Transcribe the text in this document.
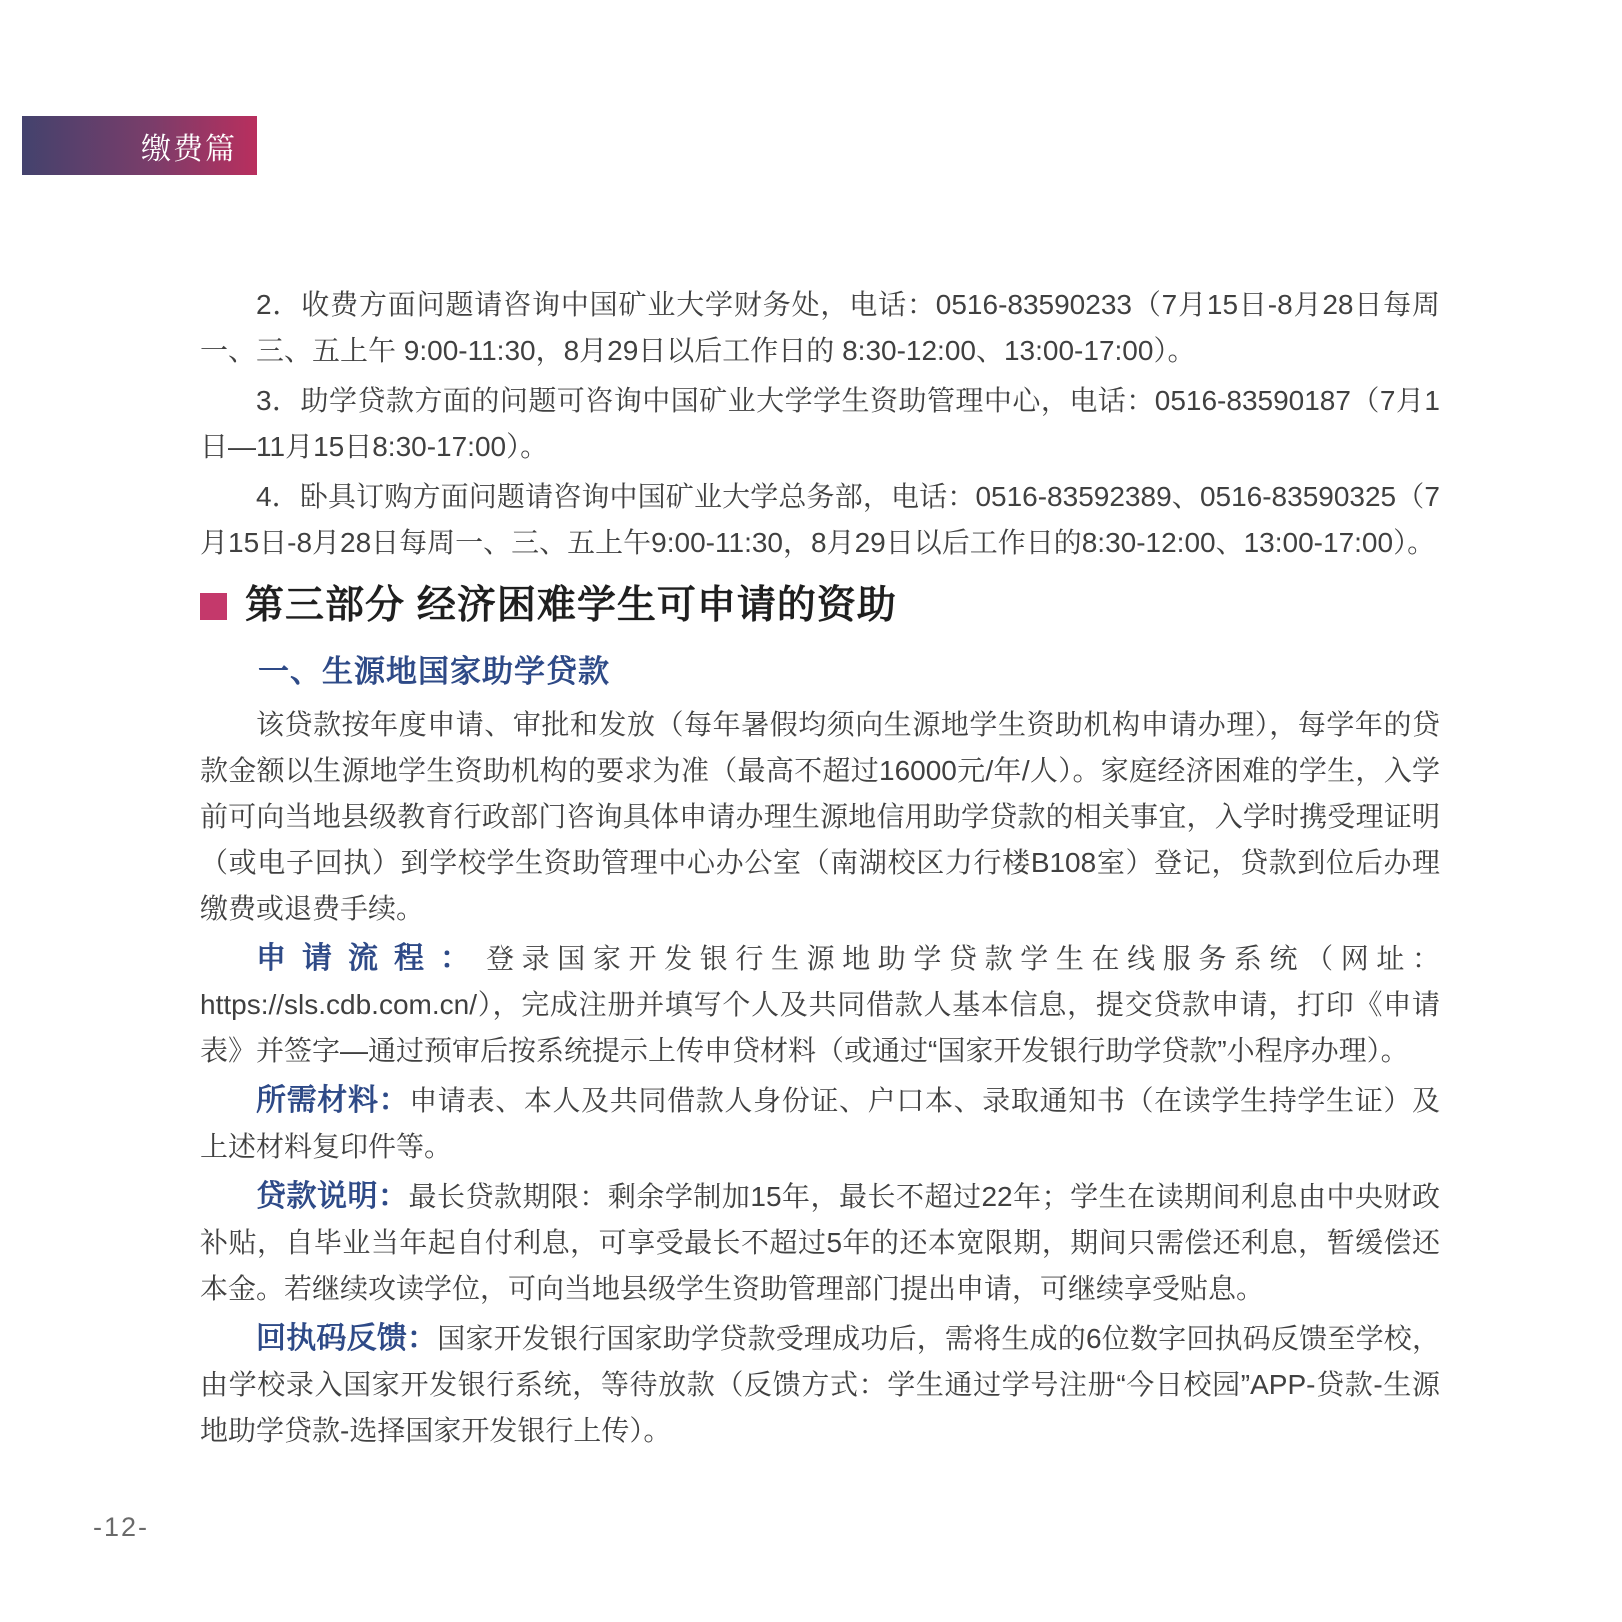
缴费篇

2．收费方面问题请咨询中国矿业大学财务处，电话：0516-83590233（7月15日-8月28日每周一、三、五上午 9:00-11:30，8月29日以后工作日的 8:30-12:00、13:00-17:00）。

3．助学贷款方面的问题可咨询中国矿业大学学生资助管理中心，电话：0516-83590187（7月1日—11月15日8:30-17:00）。

4．卧具订购方面问题请咨询中国矿业大学总务部，电话：0516-83592389、0516-83590325（7月15日-8月28日每周一、三、五上午9:00-11:30，8月29日以后工作日的8:30-12:00、13:00-17:00）。

第三部分 经济困难学生可申请的资助
一、生源地国家助学贷款

该贷款按年度申请、审批和发放（每年暑假均须向生源地学生资助机构申请办理），每学年的贷款金额以生源地学生资助机构的要求为准（最高不超过16000元/年/人）。家庭经济困难的学生，入学前可向当地县级教育行政部门咨询具体申请办理生源地信用助学贷款的相关事宜，入学时携受理证明（或电子回执）到学校学生资助管理中心办公室（南湖校区力行楼B108室）登记，贷款到位后办理缴费或退费手续。

申请流程：登录国家开发银行生源地助学贷款学生在线服务系统（网址：https://sls.cdb.com.cn/），完成注册并填写个人及共同借款人基本信息，提交贷款申请，打印《申请表》并签字—通过预审后按系统提示上传申贷材料（或通过“国家开发银行助学贷款”小程序办理）。

所需材料：申请表、本人及共同借款人身份证、户口本、录取通知书（在读学生持学生证）及上述材料复印件等。

贷款说明：最长贷款期限：剩余学制加15年，最长不超过22年；学生在读期间利息由中央财政补贴，自毕业当年起自付利息，可享受最长不超过5年的还本宽限期，期间只需偿还利息，暂缓偿还本金。若继续攻读学位，可向当地县级学生资助管理部门提出申请，可继续享受贴息。

回执码反馈：国家开发银行国家助学贷款受理成功后，需将生成的6位数字回执码反馈至学校，由学校录入国家开发银行系统，等待放款（反馈方式：学生通过学号注册“今日校园”APP-贷款-生源地助学贷款-选择国家开发银行上传）。

-12-
